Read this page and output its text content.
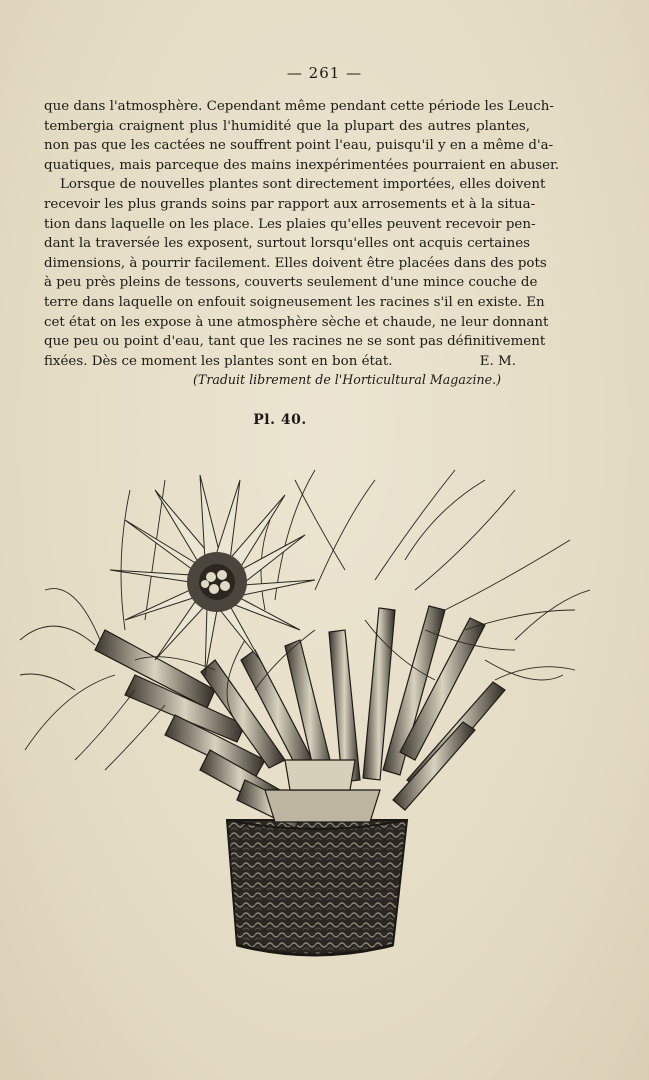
— 261 —
que dans l'atmosphère. Cependant même pendant cette période les Leuch-
tembergia craignent plus l'humidité que la plupart des autres plantes,
non pas que les cactées ne souffrent point l'eau, puisqu'il y en a même d'a-
quatiques, mais parceque des mains inexpérimentées pourraient en abuser.
Lorsque de nouvelles plantes sont directement importées, elles doivent
recevoir les plus grands soins par rapport aux arrosements et à la situa-
tion dans laquelle on les place. Les plaies qu'elles peuvent recevoir pen-
dant la traversée les exposent, surtout lorsqu'elles ont acquis certaines
dimensions, à pourrir facilement. Elles doivent être placées dans des pots
à peu près pleins de tessons, couverts seulement d'une mince couche de
terre dans laquelle on enfouit soigneusement les racines s'il en existe. En
cet état on les expose à une atmosphère sèche et chaude, ne leur donnant
que peu ou point d'eau, tant que les racines ne se sont pas définitivement
fixées. Dès ce moment les plantes sont en bon état.	E. M.
(Traduit librement de l'Horticultural Magazine.)
Pl. 40.
